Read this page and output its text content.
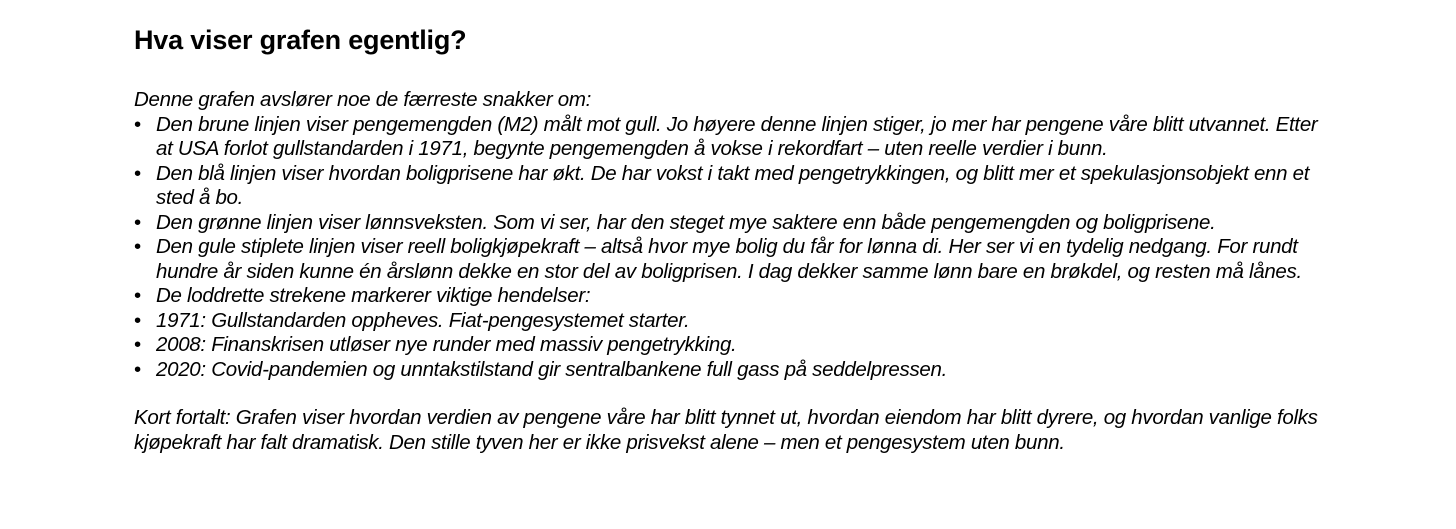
Hva viser grafen egentlig?

Denne grafen avslører noe de færreste snakker om:

• Den brune linjen viser pengemengden (M2) målt mot gull. Jo høyere denne linjen stiger, jo mer har pengene våre blitt utvannet. Etter at USA forlot gullstandarden i 1971, begynte pengemengden å vokse i rekordfart – uten reelle verdier i bunn.
• Den blå linjen viser hvordan boligprisene har økt. De har vokst i takt med pengetrykkingen, og blitt mer et spekulasjonsobjekt enn et sted å bo.
• Den grønne linjen viser lønnsveksten. Som vi ser, har den steget mye saktere enn både pengemengden og boligprisene.
• Den gule stiplete linjen viser reell boligkjøpekraft – altså hvor mye bolig du får for lønna di. Her ser vi en tydelig nedgang. For rundt hundre år siden kunne én årslønn dekke en stor del av boligprisen. I dag dekker samme lønn bare en brøkdel, og resten må lånes.
• De loddrette strekene markerer viktige hendelser:
• 1971: Gullstandarden oppheves. Fiat-pengesystemet starter.
• 2008: Finanskrisen utløser nye runder med massiv pengetrykking.
• 2020: Covid-pandemien og unntakstilstand gir sentralbankene full gass på seddelpressen.

Kort fortalt: Grafen viser hvordan verdien av pengene våre har blitt tynnet ut, hvordan eiendom har blitt dyrere, og hvordan vanlige folks kjøpekraft har falt dramatisk. Den stille tyven her er ikke prisvekst alene – men et pengesystem uten bunn.
